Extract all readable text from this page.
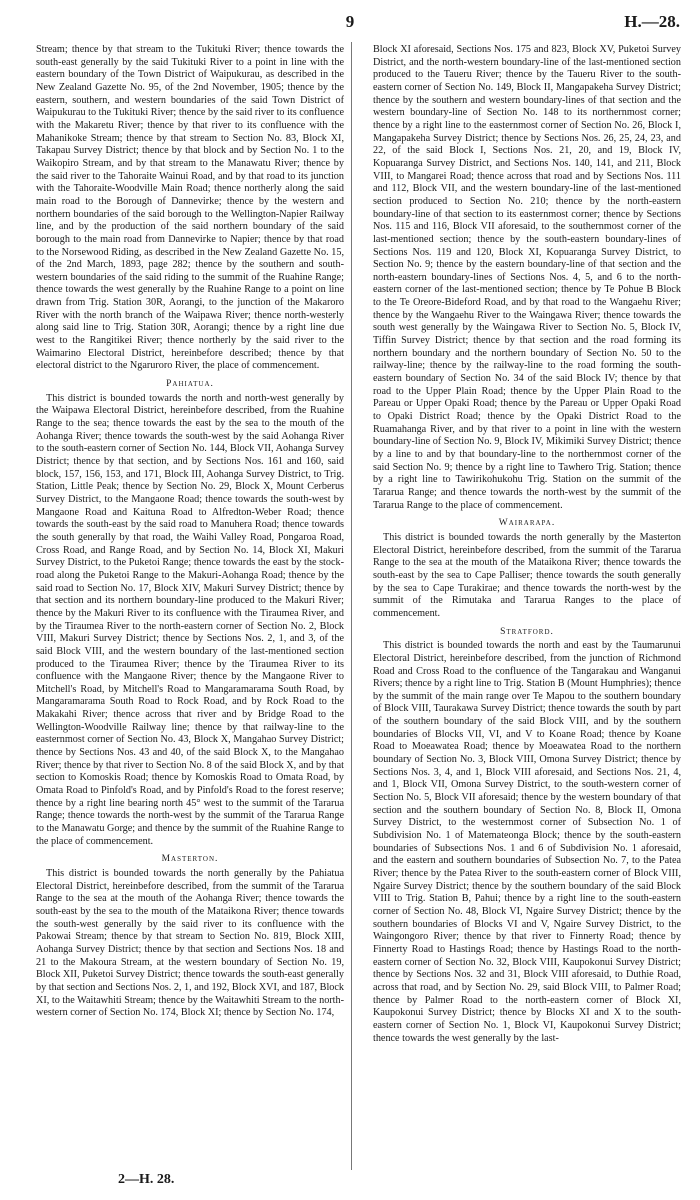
9	H.—28.

Stream; thence by that stream to the Tukituki River; thence towards the south-east generally by the said Tukituki River to a point in line with the eastern boundary of the Town District of Waipukurau, as described in the New Zealand Gazette No. 95, of the 2nd November, 1905; thence by the eastern, southern, and western boundaries of the said Town District of Waipukurau to the Tukituki River; thence by the said river to its confluence with the Makaretu River; thence by that river to its confluence with the Mahanikoke Stream; thence by that stream to Section No. 83, Block XI, Takapau Survey District; thence by that block and by Section No. 1 to the Waikopiro Stream, and by that stream to the Manawatu River; thence by the said river to the Tahoraite Wainui Road, and by that road to its junction with the Tahoraite-Woodville Main Road; thence northerly along the said main road to the Borough of Dannevirke; thence by the western and northern boundaries of the said borough to the Wellington-Napier Railway line, and by the production of the said northern boundary of the said borough to the main road from Dannevirke to Napier; thence by that road to the Norsewood Riding, as described in the New Zealand Gazette No. 15, of the 2nd March, 1893, page 282; thence by the southern and south-western boundaries of the said riding to the summit of the Ruahine Range; thence towards the west generally by the Ruahine Range to a point on line drawn from Trig. Station 30R, Aorangi, to the junction of the Makaroro River with the north branch of the Waipawa River; thence north-westerly along said line to Trig. Station 30R, Aorangi; thence by a right line due west to the Rangitikei River; thence northerly by the said river to the Waimarino Electoral District, hereinbefore described; thence by that electoral district to the Ngaruroro River, the place of commencement.

Pahiatua.

This district is bounded towards the north and north-west generally by the Waipawa Electoral District, hereinbefore described, from the Ruahine Range to the sea; thence towards the east by the sea to the mouth of the Aohanga River; thence towards the south-west by the said Aohanga River to the south-eastern corner of Section No. 144, Block VII, Aohanga Survey District; thence by that section, and by Sections Nos. 161 and 160, said block, 157, 156, 153, and 171, Block III, Aohanga Survey District, to Trig. Station, Little Peak; thence by Section No. 29, Block X, Mount Cerberus Survey District, to the Mangaone Road; thence towards the south-west by Mangaone Road and Kaituna Road to Alfredton-Weber Road; thence towards the south-east by the said road to Manuhera Road; thence towards the south generally by that road, the Waihi Valley Road, Pongaroa Road, Cross Road, and Range Road, and by Section No. 14, Block XI, Makuri Survey District, to the Puketoi Range; thence towards the east by the stock-road along the Puketoi Range to the Makuri-Aohanga Road; thence by the said road to Section No. 17, Block XIV, Makuri Survey District; thence by that section and its northern boundary-line produced to the Makuri River; thence by the Makuri River to its confluence with the Tiraumea River, and by the Tiraumea River to the north-eastern corner of Section No. 2, Block VIII, Makuri Survey District; thence by Sections Nos. 2, 1, and 3, of the said Block VIII, and the western boundary of the last-mentioned section produced to the Tiraumea River; thence by the Tiraumea River to its confluence with the Mangaone River; thence by the Mangaone River to Mitchell's Road, by Mitchell's Road to Mangaramarama South Road, by Mangaramarama South Road to Rock Road, and by Rock Road to the Makakahi River; thence across that river and by Bridge Road to the Wellington-Woodville Railway line; thence by that railway-line to the easternmost corner of Section No. 43, Block X, Mangahao Survey District; thence by Sections Nos. 43 and 40, of the said Block X, to the Mangahao River; thence by that river to Section No. 8 of the said Block X, and by that section to Komoskis Road; thence by Komoskis Road to Omata Road, by Omata Road to Pinfold's Road, and by Pinfold's Road to the forest reserve; thence by a right line bearing north 45° west to the summit of the Tararua Range; thence towards the north-west by the summit of the Tararua Range to the Manawatu Gorge; and thence by the summit of the Ruahine Range to the place of commencement.

Masterton.

This district is bounded towards the north generally by the Pahiatua Electoral District, hereinbefore described, from the summit of the Tararua Range to the sea at the mouth of the Aohanga River; thence towards the south-east by the sea to the mouth of the Mataikona River; thence towards the south-west generally by the said river to its confluence with the Pakowai Stream; thence by that stream to Section No. 819, Block XIII, Aohanga Survey District; thence by that section and Sections Nos. 18 and 21 to the Makoura Stream, at the western boundary of Section No. 19, Block XII, Puketoi Survey District; thence towards the south-east generally by that section and Sections Nos. 2, 1, and 192, Block XVI, and 187, Block XI, to the Waitawhiti Stream; thence by the Waitawhiti Stream to the north-western corner of Section No. 174, Block XI; thence by Section No. 174,

Block XI aforesaid, Sections Nos. 175 and 823, Block XV, Puketoi Survey District, and the north-western boundary-line of the last-mentioned section produced to the Taueru River; thence by the Taueru River to the south-eastern corner of Section No. 149, Block II, Mangapakeha Survey District; thence by the southern and western boundary-lines of that section and the western boundary-line of Section No. 148 to its northernmost corner; thence by a right line to the easternmost corner of Section No. 26, Block I, Mangapakeha Survey District; thence by Sections Nos. 26, 25, 24, 23, and 22, of the said Block I, Sections Nos. 21, 20, and 19, Block IV, Kopuaranga Survey District, and Sections Nos. 140, 141, and 211, Block VIII, to Mangarei Road; thence across that road and by Sections Nos. 111 and 112, Block VII, and the western boundary-line of the last-mentioned section produced to Section No. 210; thence by the north-eastern boundary-line of that section to its easternmost corner; thence by Sections Nos. 115 and 116, Block VII aforesaid, to the southernmost corner of the last-mentioned section; thence by the south-eastern boundary-lines of Sections Nos. 119 and 120, Block XI, Kopuaranga Survey District, to Section No. 9; thence by the eastern boundary-line of that section and the north-eastern boundary-lines of Sections Nos. 4, 5, and 6 to the north-eastern corner of the last-mentioned section; thence by Te Pohue B Block to the Te Oreore-Bideford Road, and by that road to the Wangaehu River; thence by the Wangaehu River to the Waingawa River; thence towards the south west generally by the Waingawa River to Section No. 5, Block IV, Tiffin Survey District; thence by that section and the road forming its northern boundary and the northern boundary of Section No. 50 to the railway-line; thence by the railway-line to the road forming the south-eastern boundary of Section No. 34 of the said Block IV; thence by that road to the Upper Plain Road; thence by the Upper Plain Road to the Pareau or Upper Opaki Road; thence by the Pareau or Upper Opaki Road to Opaki District Road; thence by the Opaki District Road to the Ruamahanga River, and by that river to a point in line with the western boundary-line of Section No. 9, Block IV, Mikimiki Survey District; thence by a line to and by that boundary-line to the northernmost corner of the said Section No. 9; thence by a right line to Tawhero Trig. Station; thence by a right line to Tawirikohukohu Trig. Station on the summit of the Tararua Range; and thence towards the north-west by the summit of the Tararua Range to the place of commencement.

Wairarapa.

This district is bounded towards the north generally by the Masterton Electoral District, hereinbefore described, from the summit of the Tararua Range to the sea at the mouth of the Mataikona River; thence towards the south-east by the sea to Cape Palliser; thence towards the south generally by the sea to Cape Turakirae; and thence towards the north-west by the summit of the Rimutaka and Tararua Ranges to the place of commencement.

Stratford.

This district is bounded towards the north and east by the Taumarunui Electoral District, hereinbefore described, from the junction of Richmond Road and Cross Road to the confluence of the Tangarakau and Wanganui Rivers; thence by a right line to Trig. Station B (Mount Humphries); thence by the summit of the main range over Te Mapou to the southern boundary of Block VIII, Taurakawa Survey District; thence towards the south by part of the southern boundary of the said Block VIII, and by the southern boundaries of Blocks VII, VI, and V to Koane Road; thence by Koane Road to Moeawatea Road; thence by Moeawatea Road to the northern boundary of Section No. 3, Block VIII, Omona Survey District; thence by Sections Nos. 3, 4, and 1, Block VIII aforesaid, and Sections Nos. 21, 4, and 1, Block VII, Omona Survey District, to the south-western corner of Section No. 5, Block VII aforesaid; thence by the western boundary of that section and the southern boundary of Section No. 8, Block II, Omona Survey District, to the westernmost corner of Subsection No. 1 of Subdivision No. 1 of Matemateonga Block; thence by the south-eastern boundaries of Subsections Nos. 1 and 6 of Subdivision No. 1 aforesaid, and the eastern and southern boundaries of Subsection No. 7, to the Patea River; thence by the Patea River to the south-eastern corner of Block VIII, Ngaire Survey District; thence by the southern boundary of the said Block VIII to Trig. Station B, Pahui; thence by a right line to the south-eastern corner of Section No. 48, Block VI, Ngaire Survey District; thence by the southern boundaries of Blocks VI and V, Ngaire Survey District, to the Waingongoro River; thence by that river to Finnerty Road; thence by Finnerty Road to Hastings Road; thence by Hastings Road to the north-eastern corner of Section No. 32, Block VIII, Kaupokonui Survey District; thence by Sections Nos. 32 and 31, Block VIII aforesaid, to Duthie Road, across that road, and by Section No. 29, said Block VIII, to Palmer Road; thence by Palmer Road to the north-eastern corner of Block XI, Kaupokonui Survey District; thence by Blocks XI and X to the south-eastern corner of Section No. 1, Block VI, Kaupokonui Survey District; thence towards the west generally by the last-

2—H. 28.
